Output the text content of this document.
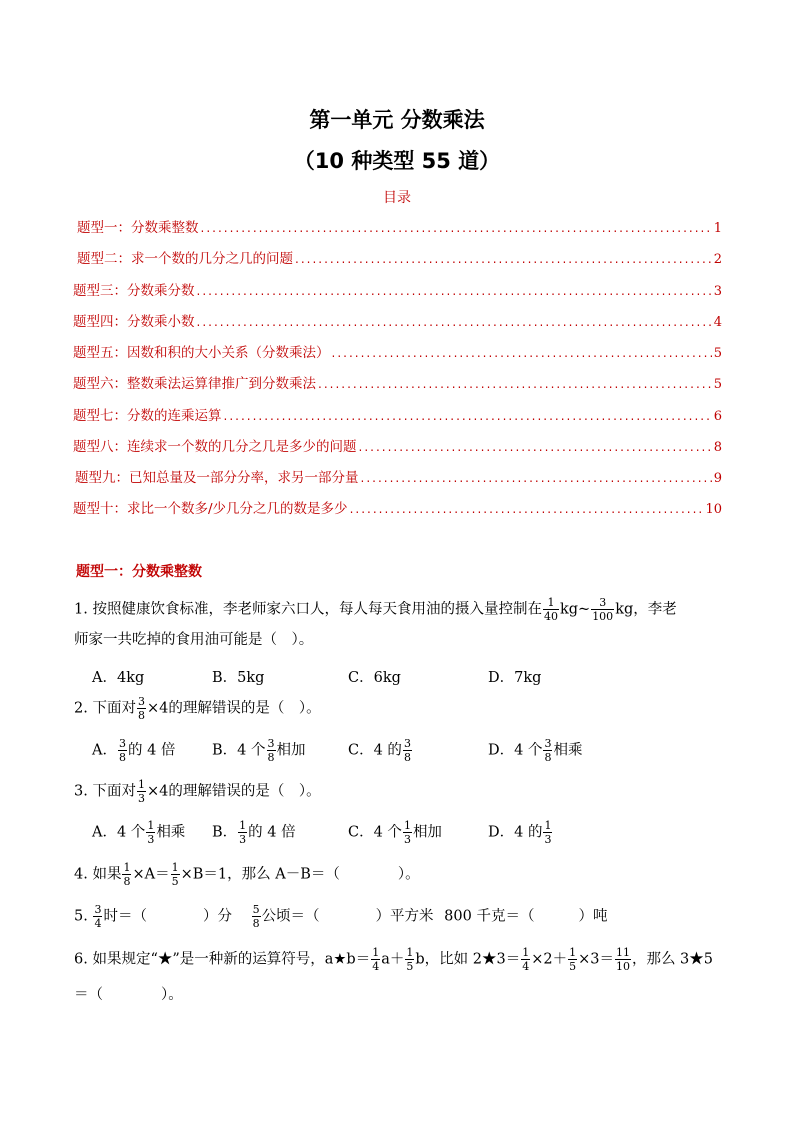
第一单元 分数乘法
（10 种类型 55 道）
目录
题型一：分数乘整数 .....	1
题型二：求一个数的几分之几的问题 .....	2
题型三：分数乘分数 .....	3
题型四：分数乘小数 .....	4
题型五：因数和积的大小关系（分数乘法） .....	5
题型六：整数乘法运算律推广到分数乘法 .....	5
题型七：分数的连乘运算 .....	6
题型八：连续求一个数的几分之几是多少的问题 .....	8
题型九：已知总量及一部分分率，求另一部分量 .....	9
题型十：求比一个数多/少几分之几的数是多少 .....	10
题型一：分数乘整数
1. 按照健康饮食标准，李老师家六口人，每人每天食用油的摄入量控制在 $\frac{1}{40}$ kg~ $\frac{3}{100}$ kg，李老
师家一共吃掉的食用油可能是（　）。
A．4kg	B．5kg	C．6kg	D．7kg
2. 下面对 $\frac{3}{8} \times 4$的理解错误的是（　）。
A． $\frac{3}{8}$ 的 4 倍	B．4 个 $\frac{3}{8}$ 相加	C．4 的 $\frac{3}{8}$	D．4 个 $\frac{3}{8}$ 相乘
3. 下面对 $\frac{1}{3} \times 4$的理解错误的是（　）。
A．4 个 $\frac{1}{3}$ 相乘 B． $\frac{1}{3}$ 的 4 倍	C．4 个 $\frac{1}{3}$ 相加	D．4 的 $\frac{1}{3}$
4. 如果 $\frac{1}{8} \times A= \frac{1}{5} \times B=1$，那么 A－B＝（	）。
5. $\frac{3}{4}$ 时＝（	）分 $\frac{5}{8}$ 公顷＝（	）平方米 800 千克＝（	）吨
6. 如果规定“★”是一种新的运算符号，a★b＝ $\frac{1}{4} a+ \frac{1}{5}$ b，比如 2★3＝ $\frac{1}{4} \times 2+ \frac{1}{5} \times 3= \frac{11}{10}$ ，那么 3★5
＝（　　　　）。
